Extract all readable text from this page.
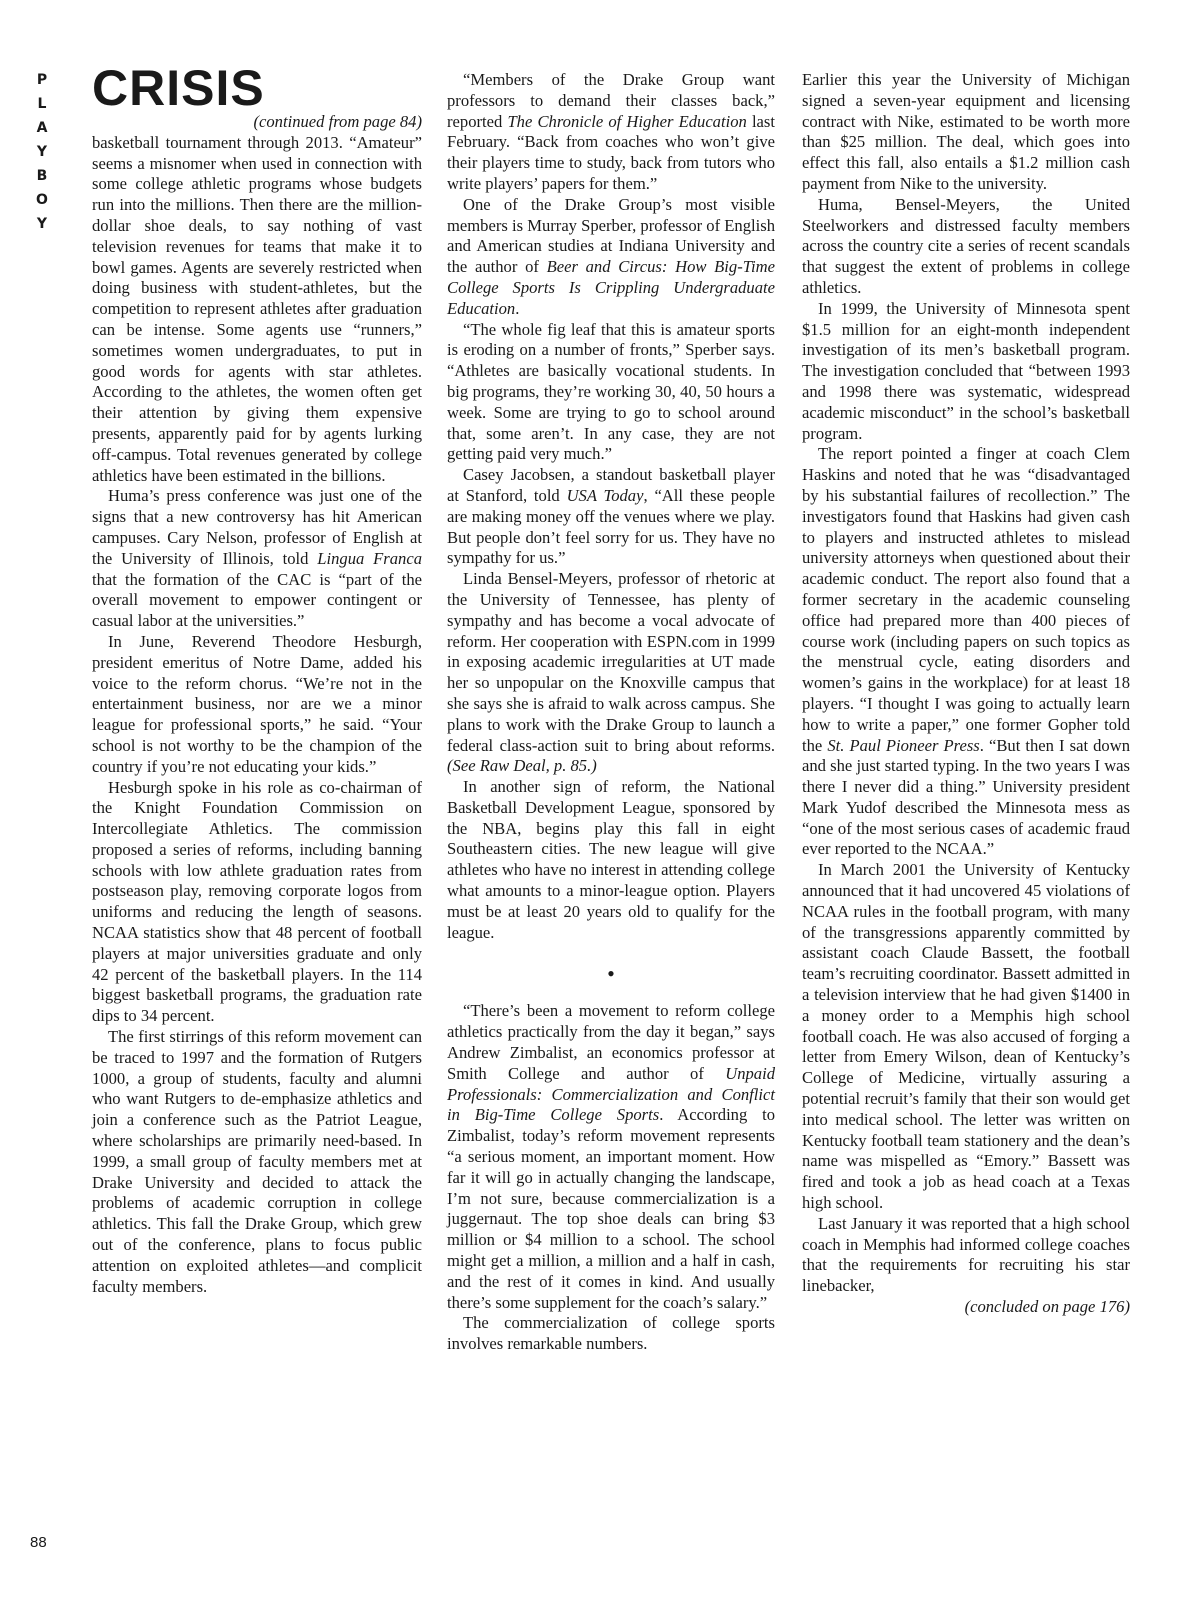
P
L
A
Y
B
O
Y
88
CRISIS

(continued from page 84)

basketball tournament through 2013. “Amateur” seems a misnomer when used in connection with some college athletic programs whose budgets run into the millions. Then there are the million-dollar shoe deals, to say nothing of vast television revenues for teams that make it to bowl games. Agents are severely restricted when doing business with student-athletes, but the competition to represent athletes after graduation can be intense. Some agents use “runners,” sometimes women undergraduates, to put in good words for agents with star athletes. According to the athletes, the women often get their attention by giving them expensive presents, apparently paid for by agents lurking off-campus. Total revenues generated by college athletics have been estimated in the billions.

Huma’s press conference was just one of the signs that a new controversy has hit American campuses. Cary Nelson, professor of English at the University of Illinois, told Lingua Franca that the formation of the CAC is “part of the overall movement to empower contingent or casual labor at the universities.”

In June, Reverend Theodore Hesburgh, president emeritus of Notre Dame, added his voice to the reform chorus. “We’re not in the entertainment business, nor are we a minor league for professional sports,” he said. “Your school is not worthy to be the champion of the country if you’re not educating your kids.”

Hesburgh spoke in his role as co-chairman of the Knight Foundation Commission on Intercollegiate Athletics. The commission proposed a series of reforms, including banning schools with low athlete graduation rates from postseason play, removing corporate logos from uniforms and reducing the length of seasons. NCAA statistics show that 48 percent of football players at major universities graduate and only 42 percent of the basketball players. In the 114 biggest basketball programs, the graduation rate dips to 34 percent.

The first stirrings of this reform movement can be traced to 1997 and the formation of Rutgers 1000, a group of students, faculty and alumni who want Rutgers to de-emphasize athletics and join a conference such as the Patriot League, where scholarships are primarily need-based. In 1999, a small group of faculty members met at Drake University and decided to attack the problems of academic corruption in college athletics. This fall the Drake Group, which grew out of the conference, plans to focus public attention on exploited athletes—and complicit faculty members.

“Members of the Drake Group want professors to demand their classes back,” reported The Chronicle of Higher Education last February. “Back from coaches who won’t give their players time to study, back from tutors who write players’ papers for them.”

One of the Drake Group’s most visible members is Murray Sperber, professor of English and American studies at Indiana University and the author of Beer and Circus: How Big-Time College Sports Is Crippling Undergraduate Education.

“The whole fig leaf that this is amateur sports is eroding on a number of fronts,” Sperber says. “Athletes are basically vocational students. In big programs, they’re working 30, 40, 50 hours a week. Some are trying to go to school around that, some aren’t. In any case, they are not getting paid very much.”

Casey Jacobsen, a standout basketball player at Stanford, told USA Today, “All these people are making money off the venues where we play. But people don’t feel sorry for us. They have no sympathy for us.”

Linda Bensel-Meyers, professor of rhetoric at the University of Tennessee, has plenty of sympathy and has become a vocal advocate of reform. Her cooperation with ESPN.com in 1999 in exposing academic irregularities at UT made her so unpopular on the Knoxville campus that she says she is afraid to walk across campus. She plans to work with the Drake Group to launch a federal class-action suit to bring about reforms. (See Raw Deal, p. 85.)

In another sign of reform, the National Basketball Development League, sponsored by the NBA, begins play this fall in eight Southeastern cities. The new league will give athletes who have no interest in attending college what amounts to a minor-league option. Players must be at least 20 years old to qualify for the league.

•

“There’s been a movement to reform college athletics practically from the day it began,” says Andrew Zimbalist, an economics professor at Smith College and author of Unpaid Professionals: Commercialization and Conflict in Big-Time College Sports. According to Zimbalist, today’s reform movement represents “a serious moment, an important moment. How far it will go in actually changing the landscape, I’m not sure, because commercialization is a juggernaut. The top shoe deals can bring $3 million or $4 million to a school. The school might get a million, a million and a half in cash, and the rest of it comes in kind. And usually there’s some supplement for the coach’s salary.”

The commercialization of college sports involves remarkable numbers.

Earlier this year the University of Michigan signed a seven-year equipment and licensing contract with Nike, estimated to be worth more than $25 million. The deal, which goes into effect this fall, also entails a $1.2 million cash payment from Nike to the university.

Huma, Bensel-Meyers, the United Steelworkers and distressed faculty members across the country cite a series of recent scandals that suggest the extent of problems in college athletics.

In 1999, the University of Minnesota spent $1.5 million for an eight-month independent investigation of its men’s basketball program. The investigation concluded that “between 1993 and 1998 there was systematic, widespread academic misconduct” in the school’s basketball program.

The report pointed a finger at coach Clem Haskins and noted that he was “disadvantaged by his substantial failures of recollection.” The investigators found that Haskins had given cash to players and instructed athletes to mislead university attorneys when questioned about their academic conduct. The report also found that a former secretary in the academic counseling office had prepared more than 400 pieces of course work (including papers on such topics as the menstrual cycle, eating disorders and women’s gains in the workplace) for at least 18 players. “I thought I was going to actually learn how to write a paper,” one former Gopher told the St. Paul Pioneer Press. “But then I sat down and she just started typing. In the two years I was there I never did a thing.” University president Mark Yudof described the Minnesota mess as “one of the most serious cases of academic fraud ever reported to the NCAA.”

In March 2001 the University of Kentucky announced that it had uncovered 45 violations of NCAA rules in the football program, with many of the transgressions apparently committed by assistant coach Claude Bassett, the football team’s recruiting coordinator. Bassett admitted in a television interview that he had given $1400 in a money order to a Memphis high school football coach. He was also accused of forging a letter from Emery Wilson, dean of Kentucky’s College of Medicine, virtually assuring a potential recruit’s family that their son would get into medical school. The letter was written on Kentucky football team stationery and the dean’s name was mispelled as “Emory.” Bassett was fired and took a job as head coach at a Texas high school.

Last January it was reported that a high school coach in Memphis had informed college coaches that the requirements for recruiting his star linebacker,

(concluded on page 176)
